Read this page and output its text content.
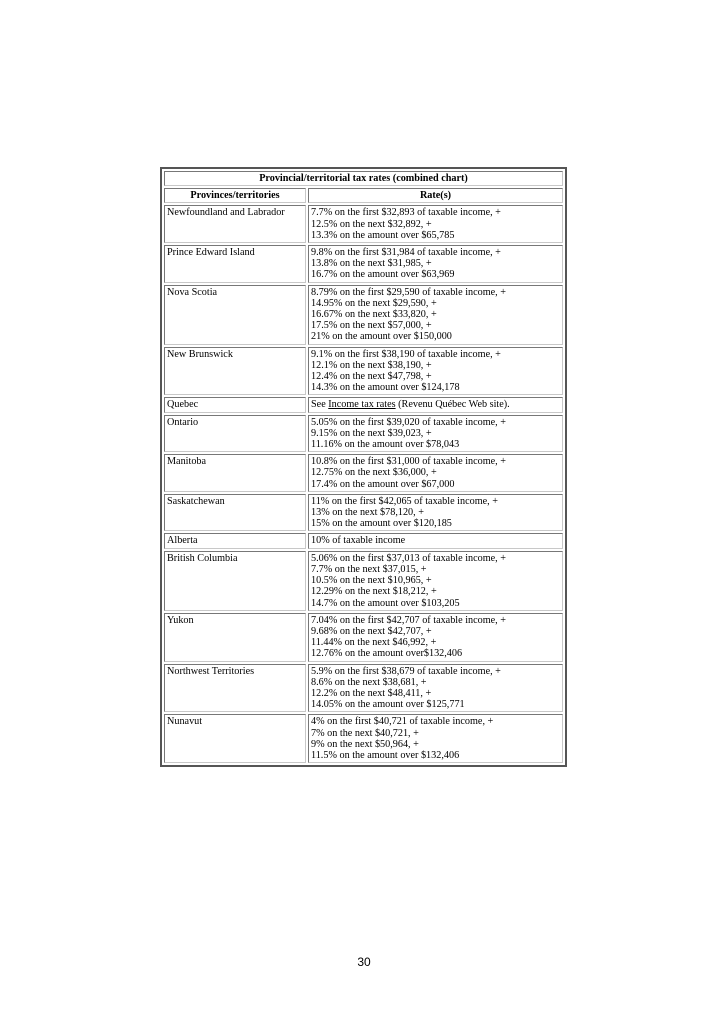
Provincial/territorial tax rates (combined chart)	
Provinces/territories	Rate(s)
Newfoundland and Labrador	7.7% on the first $32,893 of taxable income, +
12.5% on the next $32,892, +
13.3% on the amount over $65,785

Prince Edward Island	9.8% on the first $31,984 of taxable income, +
13.8% on the next $31,985, +
16.7% on the amount over $63,969

Nova Scotia	8.79% on the first $29,590 of taxable income, +
14.95% on the next $29,590, +
16.67% on the next $33,820, +
17.5% on the next $57,000, +
21% on the amount over $150,000

New Brunswick	9.1% on the first $38,190 of taxable income, +
12.1% on the next $38,190, +
12.4% on the next $47,798, +
14.3% on the amount over $124,178

Quebec	See Income tax rates (Revenu Québec Web site).
Ontario	5.05% on the first $39,020 of taxable income, +
9.15% on the next $39,023, +
11.16% on the amount over $78,043

Manitoba	10.8% on the first $31,000 of taxable income, +
12.75% on the next $36,000, +
17.4% on the amount over $67,000

Saskatchewan	11% on the first $42,065 of taxable income, +
13% on the next $78,120, +
15% on the amount over $120,185

Alberta	10% of taxable income

British Columbia	5.06% on the first $37,013 of taxable income, +
7.7% on the next $37,015, +
10.5% on the next $10,965, +
12.29% on the next $18,212, +
14.7% on the amount over $103,205

Yukon	7.04% on the first $42,707 of taxable income, +
9.68% on the next $42,707, +
11.44% on the next $46,992, +
12.76% on the amount over$132,406

Northwest Territories	5.9% on the first $38,679 of taxable income, +
8.6% on the next $38,681, +
12.2% on the next $48,411, +
14.05% on the amount over $125,771

Nunavut	4% on the first $40,721 of taxable income, +
7% on the next $40,721, +
9% on the next $50,964, +
11.5% on the amount over $132,406
30
